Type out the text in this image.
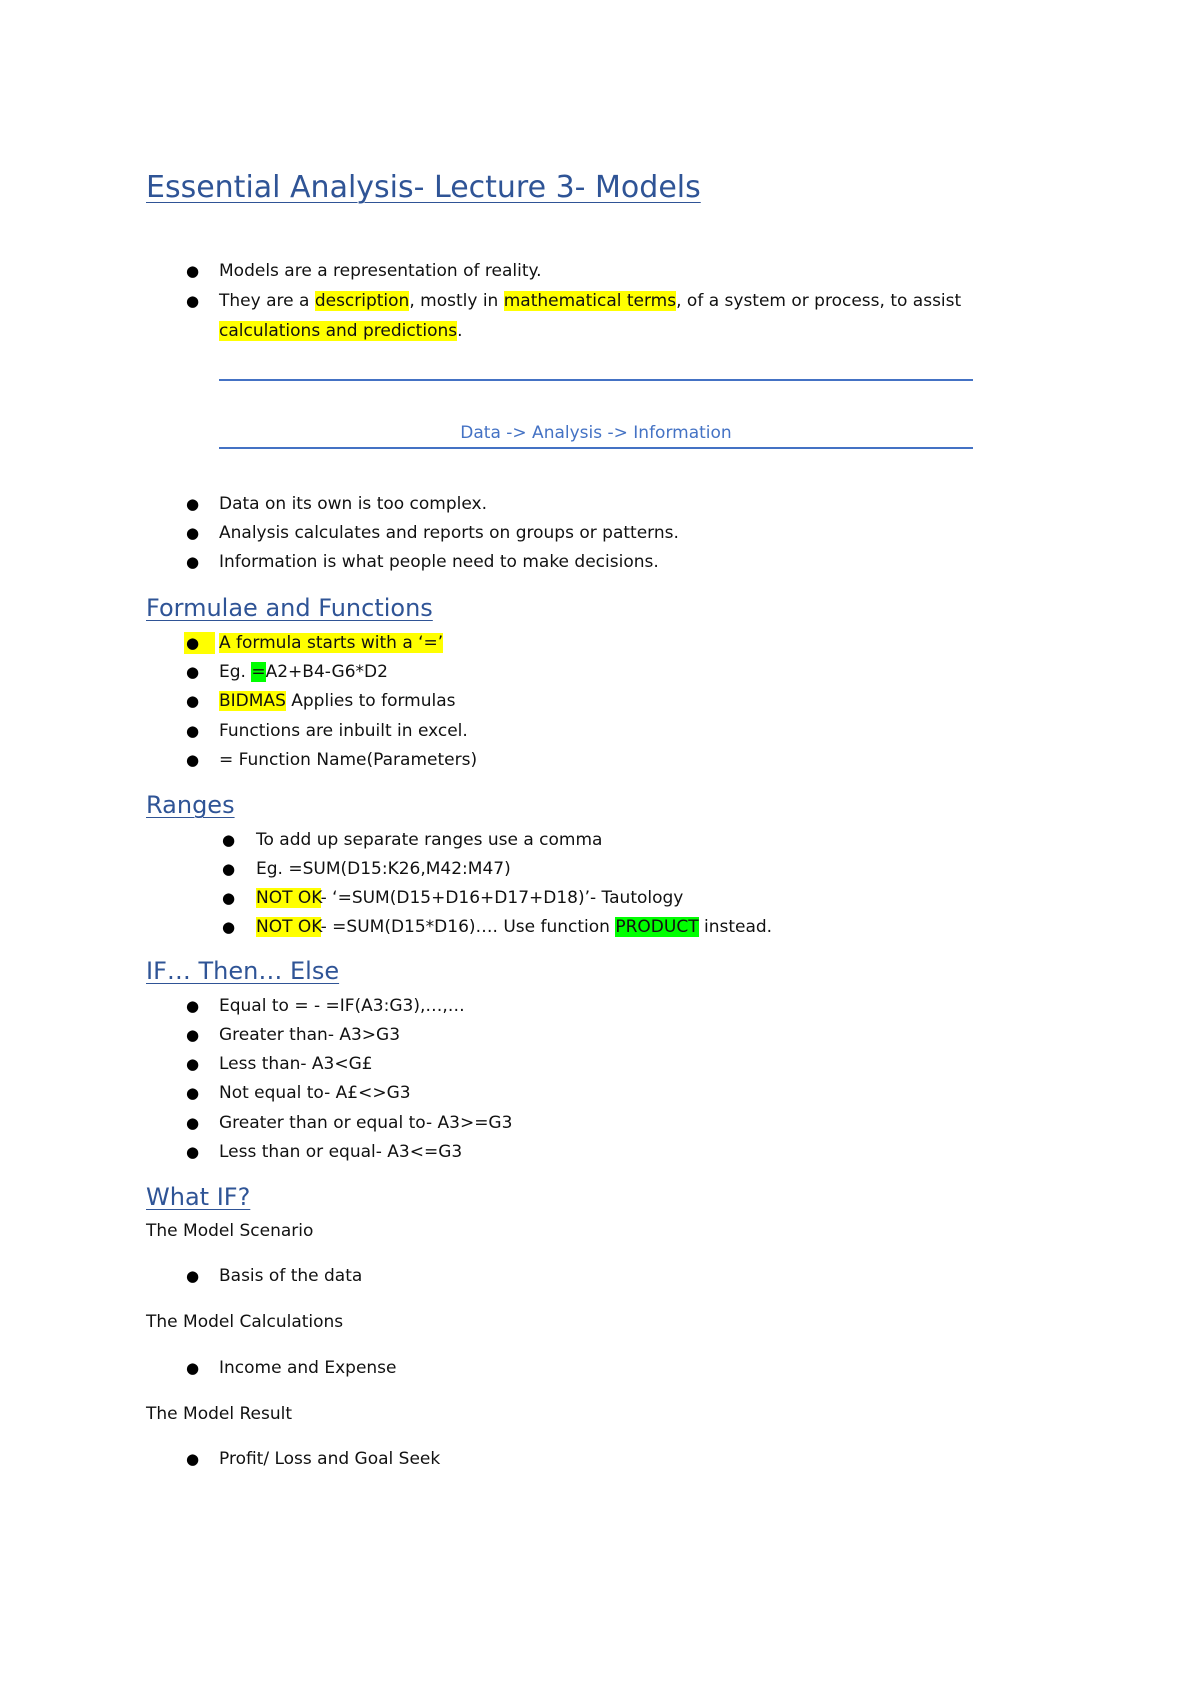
Essential Analysis- Lecture 3- Models
● Models are a representation of reality.

● They are a description, mostly in mathematical terms, of a system or process, to assist

calculations and predictions.

Data -> Analysis -> Information

● Data on its own is too complex.

● Analysis calculates and reports on groups or patterns.

● Information is what people need to make decisions.

Formulae and Functions
●	A formula starts with a ‘=’

● Eg. =A2+B4-G6*D2

● BIDMAS Applies to formulas

● Functions are inbuilt in excel.

● = Function Name(Parameters)

Ranges
● To add up separate ranges use a comma

● Eg. =SUM(D15:K26,M42:M47)

● NOT OK- ‘=SUM(D15+D16+D17+D18)’- Tautology

● NOT OK- =SUM(D15*D16)…. Use function PRODUCT instead.

IF… Then… Else
● Equal to = - =IF(A3:G3),…,…

● Greater than- A3>G3

● Less than- A3<G£

● Not equal to- A£<>G3

● Greater than or equal to- A3>=G3

● Less than or equal- A3<=G3

What IF?

The Model Scenario

● Basis of the data

The Model Calculations

● Income and Expense

The Model Result

● Profit/ Loss and Goal Seek
